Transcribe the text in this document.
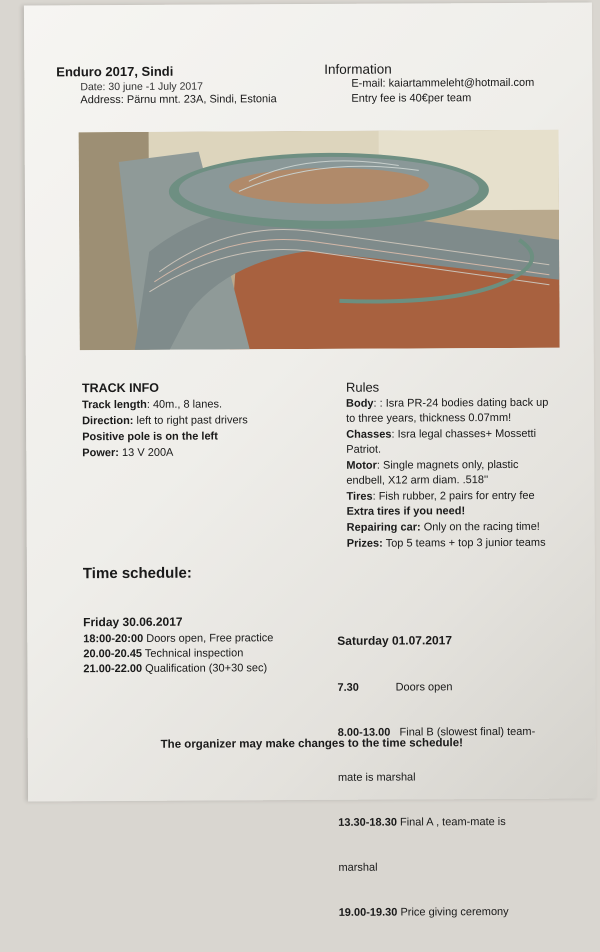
Enduro 2017, Sindi
Date: 30 june -1 July 2017
Address: Pärnu mnt. 23A, Sindi, Estonia
Information
E-mail: kaiartammeleht@hotmail.com
Entry fee is 40€per team
TRACK INFO
Track length: 40m., 8 lanes.
Direction: left to right past drivers
Positive pole is on the left
Power: 13 V 200A
Rules
Body: : Isra PR-24 bodies dating back up
to three years, thickness 0.07mm!
Chasses: Isra legal chasses+ Mossetti
Patriot.
Motor: Single magnets only, plastic
endbell, X12 arm diam. .518''
Tires: Fish rubber, 2 pairs for entry fee
Extra tires if you need!
Repairing car: Only on the racing time!
Prizes: Top 5 teams + top 3 junior teams
Time schedule:
Friday 30.06.2017
18:00-20:00 Doors open, Free practice
20.00-20.45 Technical inspection
21.00-22.00 Qualification (30+30 sec)

Saturday 01.07.2017

7.30            Doors open

8.00-13.00   Final B (slowest final) team-

mate is marshal

13.30-18.30 Final A , team-mate is

marshal

19.00-19.30 Price giving ceremony

The organizer may make changes to the time schedule!
